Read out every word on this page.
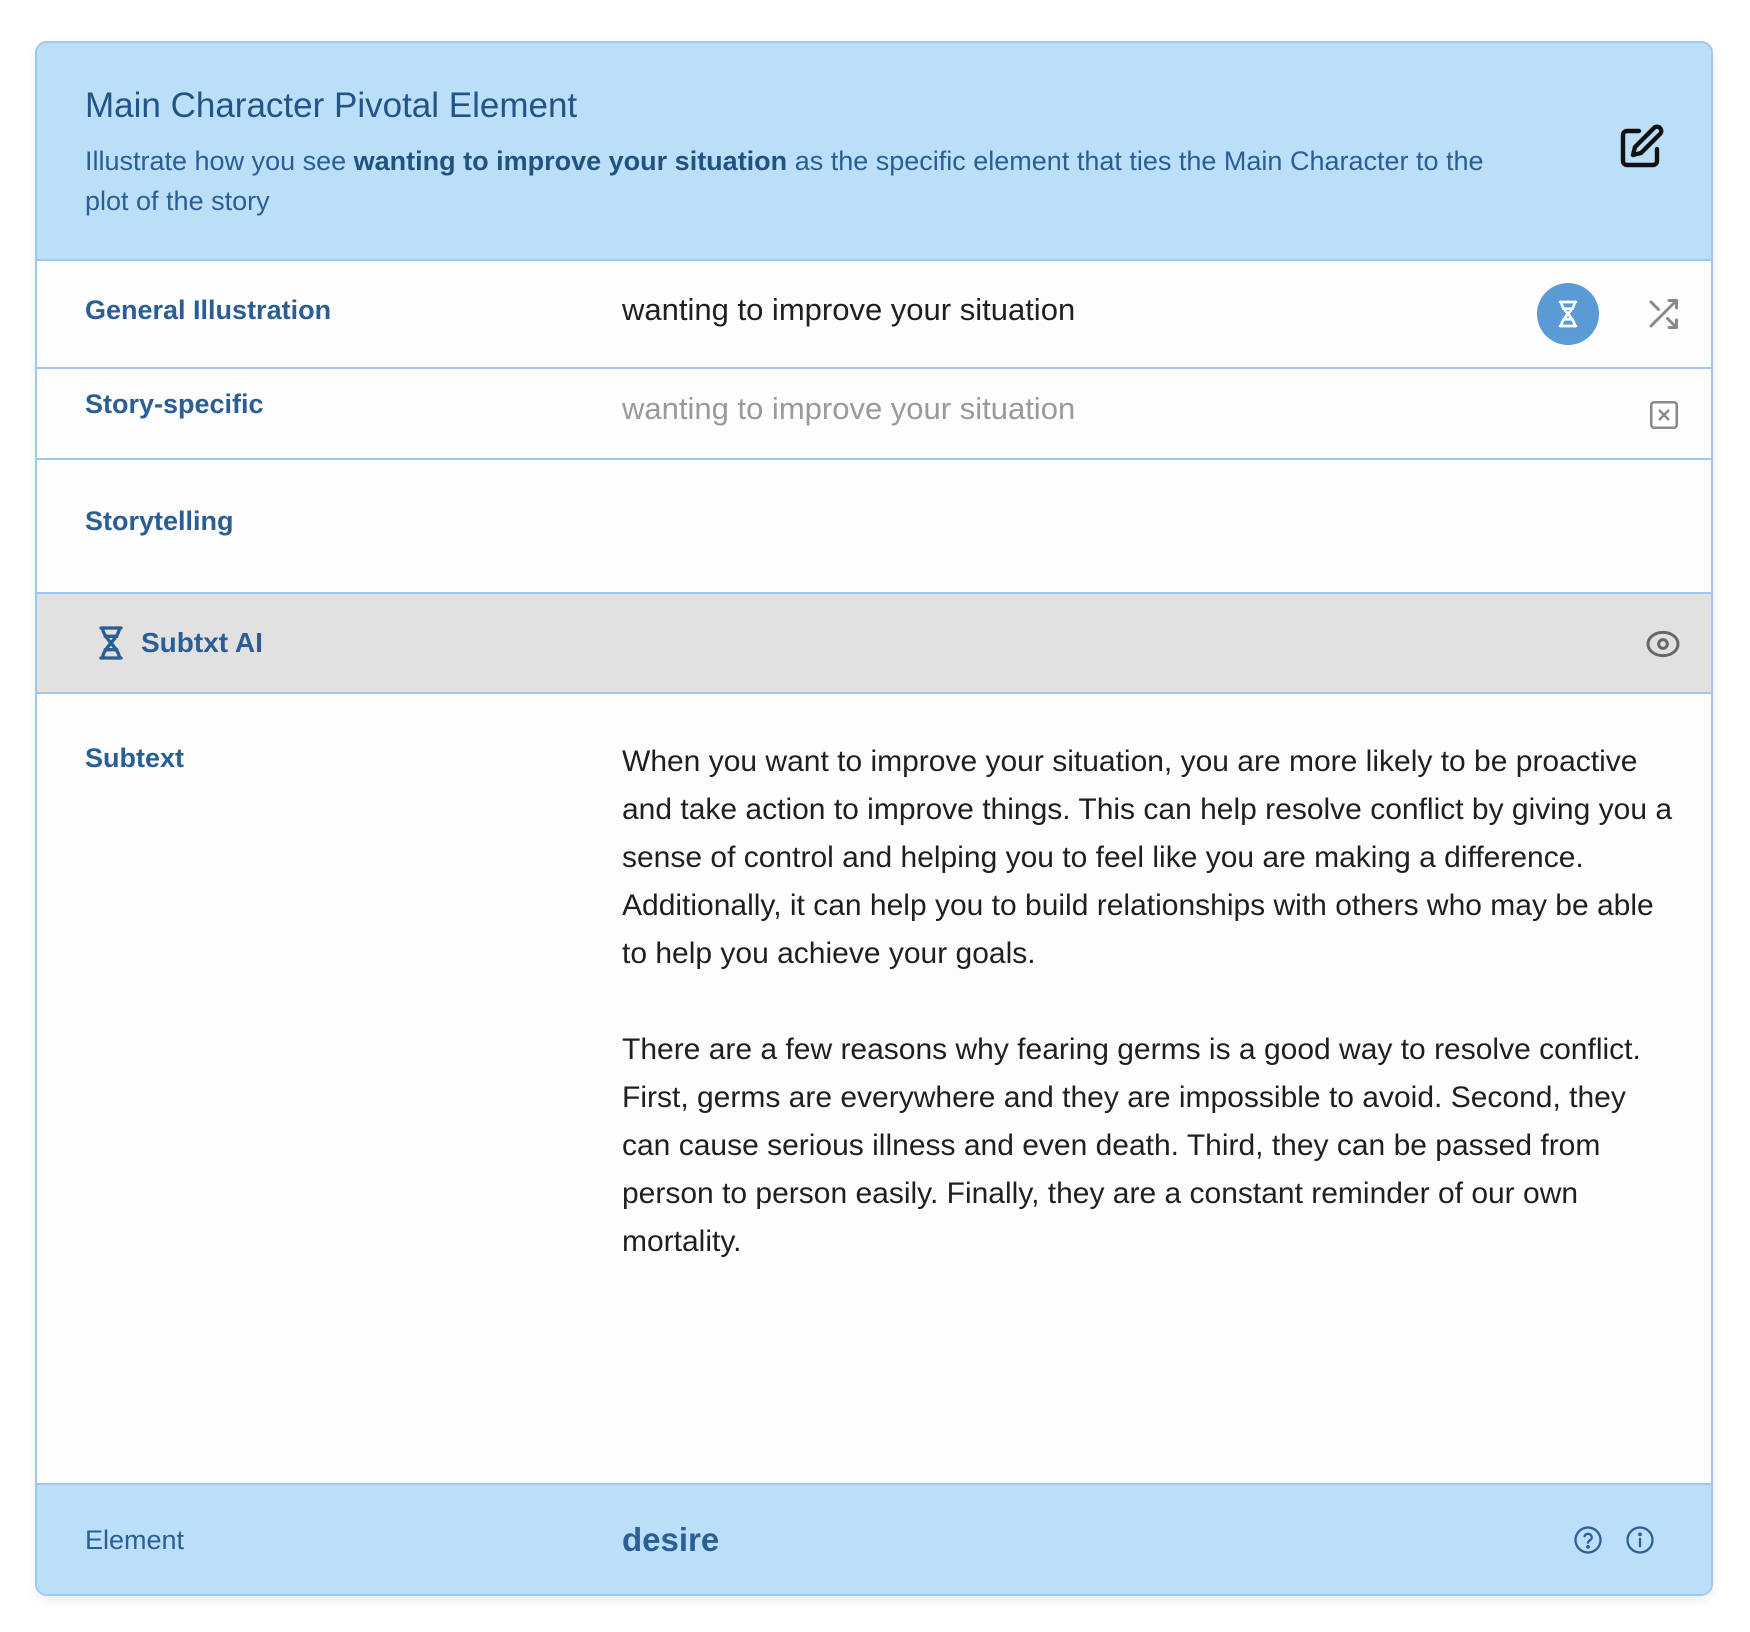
Main Character Pivotal Element
Illustrate how you see wanting to improve your situation as the specific element that ties the Main Character to the plot of the story
General Illustration	wanting to improve your situation
Story-specific	wanting to improve your situation
Storytelling
Subtxt AI
Subtext	When you want to improve your situation, you are more likely to be proactive and take action to improve things. This can help resolve conflict by giving you a sense of control and helping you to feel like you are making a difference. Additionally, it can help you to build relationships with others who may be able to help you achieve your goals.

There are a few reasons why fearing germs is a good way to resolve conflict. First, germs are everywhere and they are impossible to avoid. Second, they can cause serious illness and even death. Third, they can be passed from person to person easily. Finally, they are a constant reminder of our own mortality.

Element	desire
